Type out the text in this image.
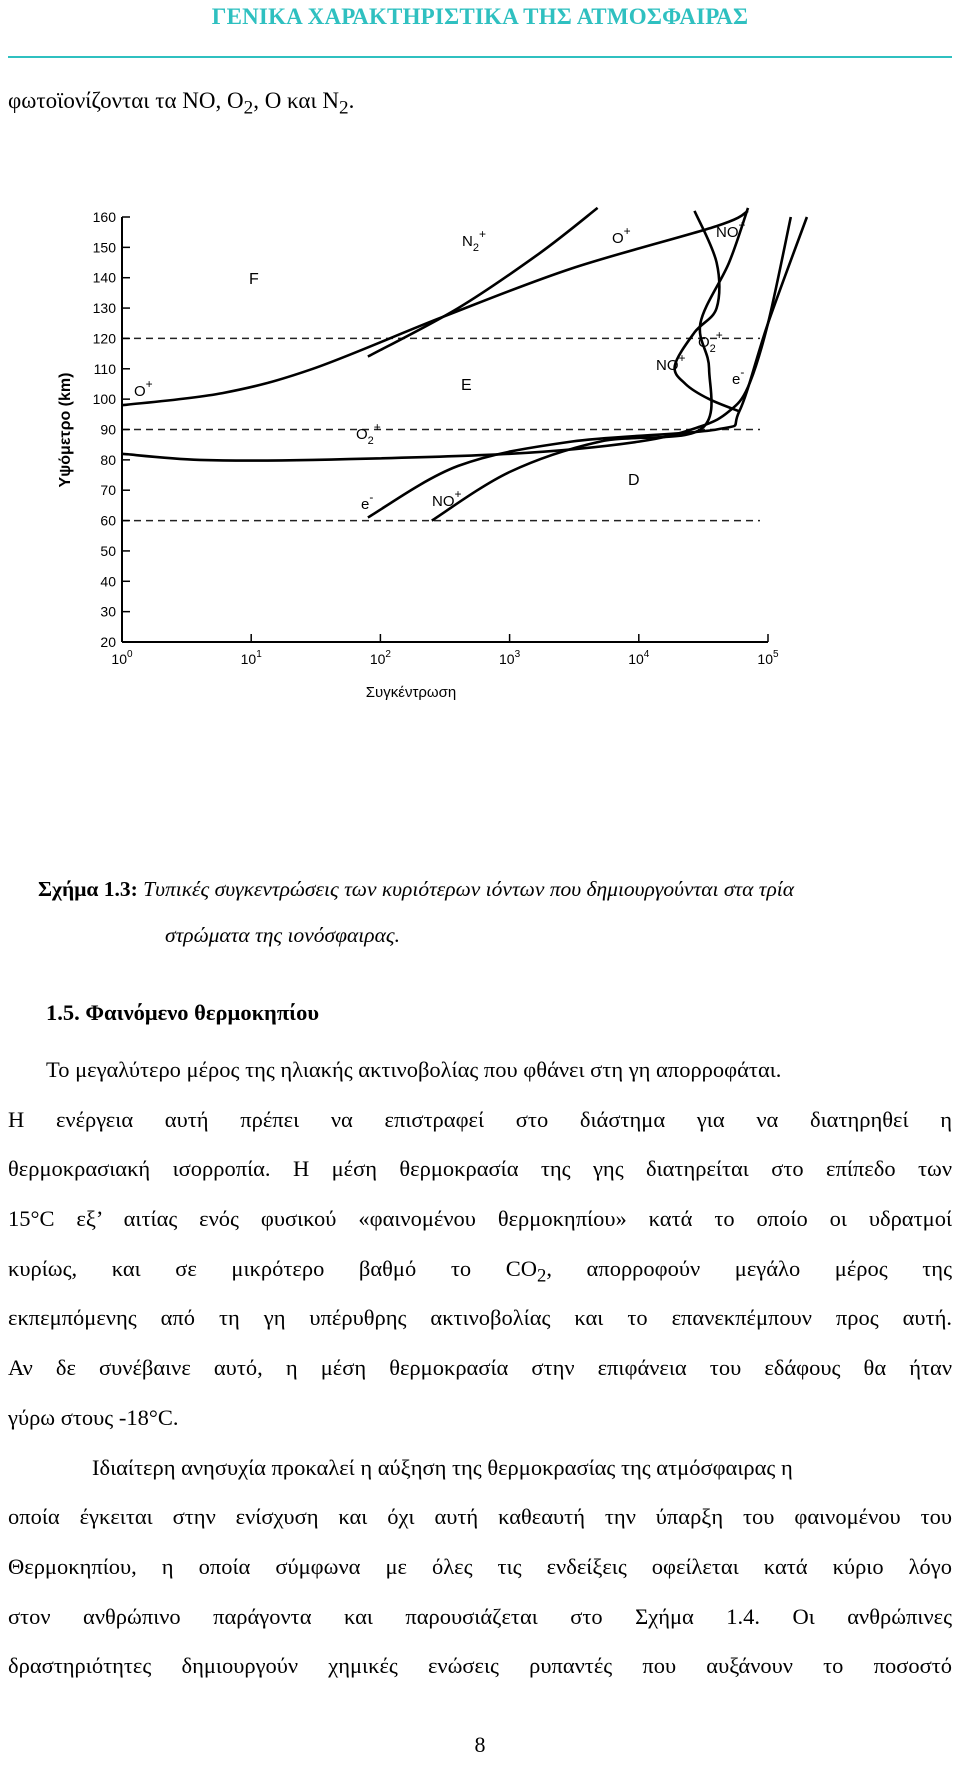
ΓΕΝΙΚΑ ΧΑΡΑΚΤΗΡΙΣΤΙΚΑ ΤΗΣ ΑΤΜΟΣΦΑΙΡΑΣ
φωτοϊονίζονται τα NO, $O_2$, O και $N_2$.
20
30
40
50
60
70
80
90
100
110
120
130
140
150
160
$10^0$	$10^1$	$10^2$	$10^3$	$10^4$	$10^5$
O+
$N_2^+$	O+	NO+
$O_2^+$
NO+
e-
$O_2^+$
e-	NO+
Υψόμετρο (km)
Συγκέντρωση
F
E
D
Σχήμα 1.3: Τυπικές συγκεντρώσεις των κυριότερων ιόντων που δημιουργούνται στα τρία
στρώματα της ιονόσφαιρας.
1.5. Φαινόμενο θερμοκηπίου
Το μεγαλύτερο μέρος της ηλιακής ακτινοβολίας που φθάνει στη γη απορροφάται.
Η ενέργεια αυτή πρέπει να επιστραφεί στο διάστημα για να διατηρηθεί η
θερμοκρασιακή ισορροπία. Η μέση θερμοκρασία της γης διατηρείται στο επίπεδο των
15°C εξ’ αιτίας ενός φυσικού «φαινομένου θερμοκηπίου» κατά το οποίο οι υδρατμοί
κυρίως, και σε μικρότερο βαθμό το $CO_2$, απορροφούν μεγάλο μέρος της
εκπεμπόμενης από τη γη υπέρυθρης ακτινοβολίας και το επανεκπέμπουν προς αυτή.
Αν δε συνέβαινε αυτό, η μέση θερμοκρασία στην επιφάνεια του εδάφους θα ήταν
γύρω στους -18°C.
Ιδιαίτερη ανησυχία προκαλεί η αύξηση της θερμοκρασίας της ατμόσφαιρας η
οποία έγκειται στην ενίσχυση και όχι αυτή καθεαυτή την ύπαρξη του φαινομένου του
Θερμοκηπίου, η οποία σύμφωνα με όλες τις ενδείξεις οφείλεται κατά κύριο λόγο
στον ανθρώπινο παράγοντα και παρουσιάζεται στο Σχήμα 1.4. Οι ανθρώπινες
δραστηριότητες δημιουργούν χημικές ενώσεις ρυπαντές που αυξάνουν το ποσοστό
8
